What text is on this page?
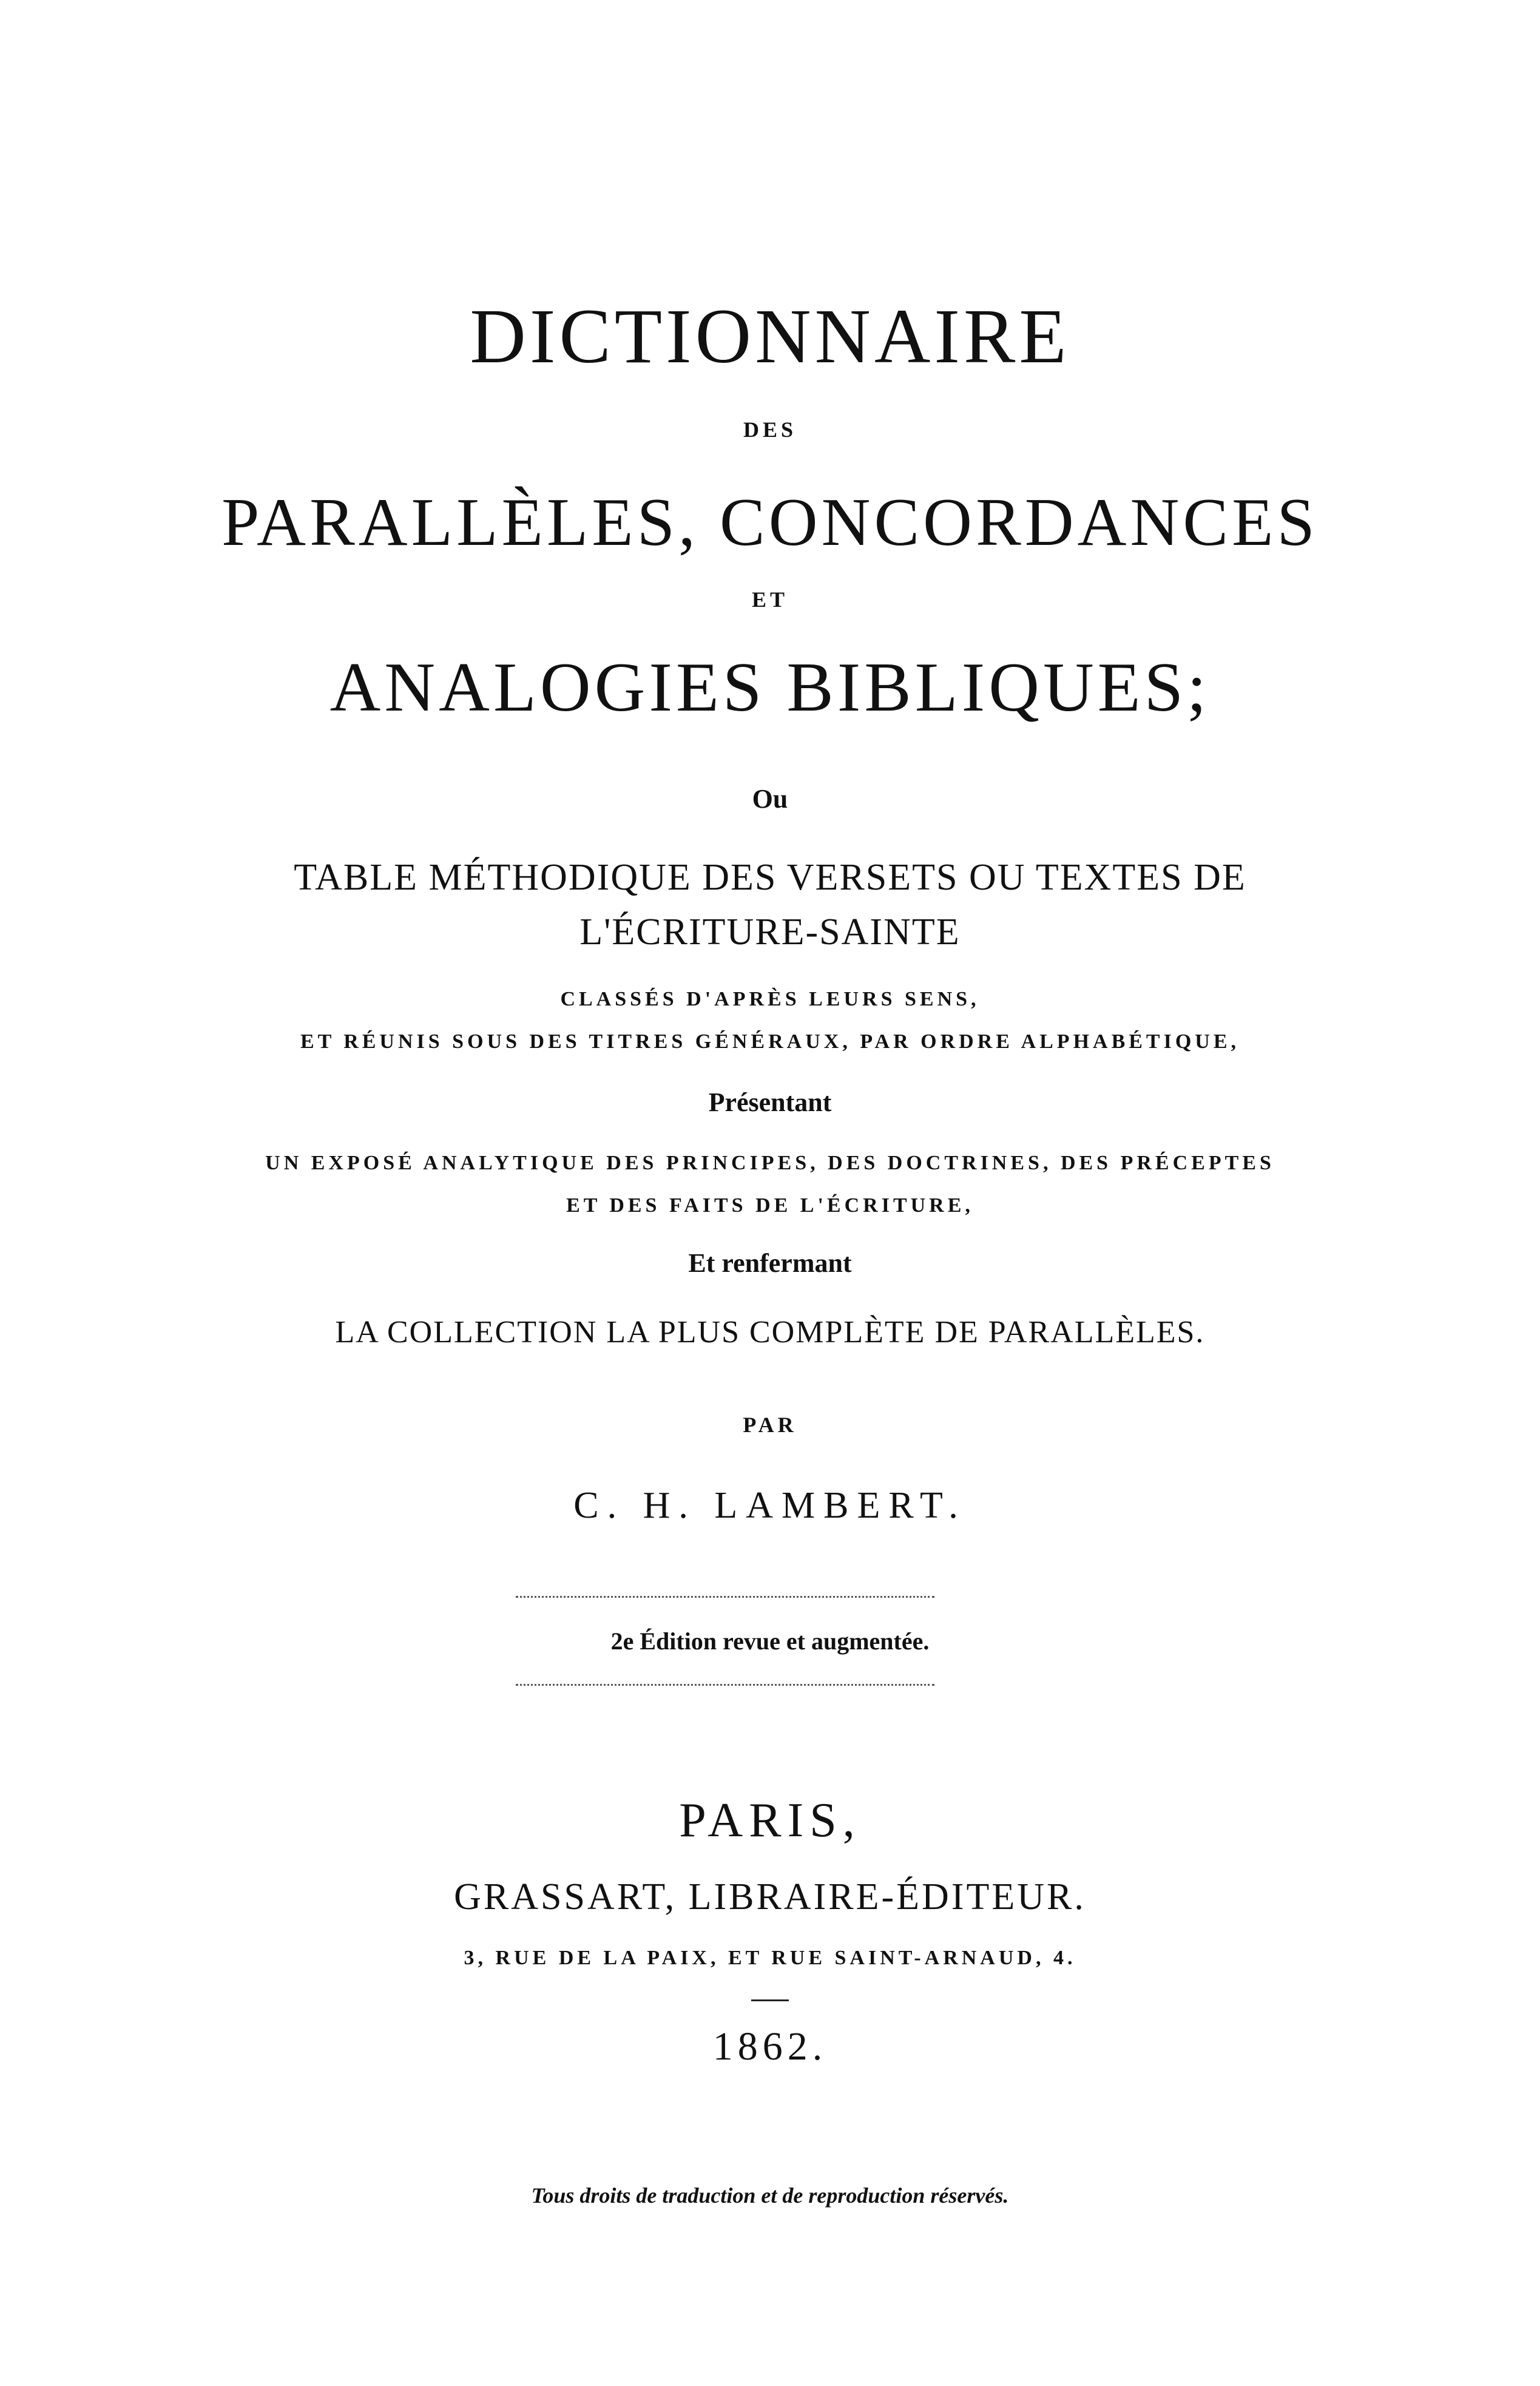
DICTIONNAIRE
DES
PARALLÈLES, CONCORDANCES
ET
ANALOGIES BIBLIQUES;
Ou
TABLE MÉTHODIQUE DES VERSETS OU TEXTES DE
L'ÉCRITURE-SAINTE
CLASSÉS D'APRÈS LEURS SENS,
ET RÉUNIS SOUS DES TITRES GÉNÉRAUX, PAR ORDRE ALPHABÉTIQUE,
Présentant
UN EXPOSÉ ANALYTIQUE DES PRINCIPES, DES DOCTRINES, DES PRÉCEPTES
ET DES FAITS DE L'ÉCRITURE,
Et renfermant
LA COLLECTION LA PLUS COMPLÈTE DE PARALLÈLES.
PAR
C. H. LAMBERT.
2e Édition revue et augmentée.
PARIS,
GRASSART, LIBRAIRE-ÉDITEUR.
3, RUE DE LA PAIX, ET RUE SAINT-ARNAUD, 4.
1862.
Tous droits de traduction et de reproduction réservés.
